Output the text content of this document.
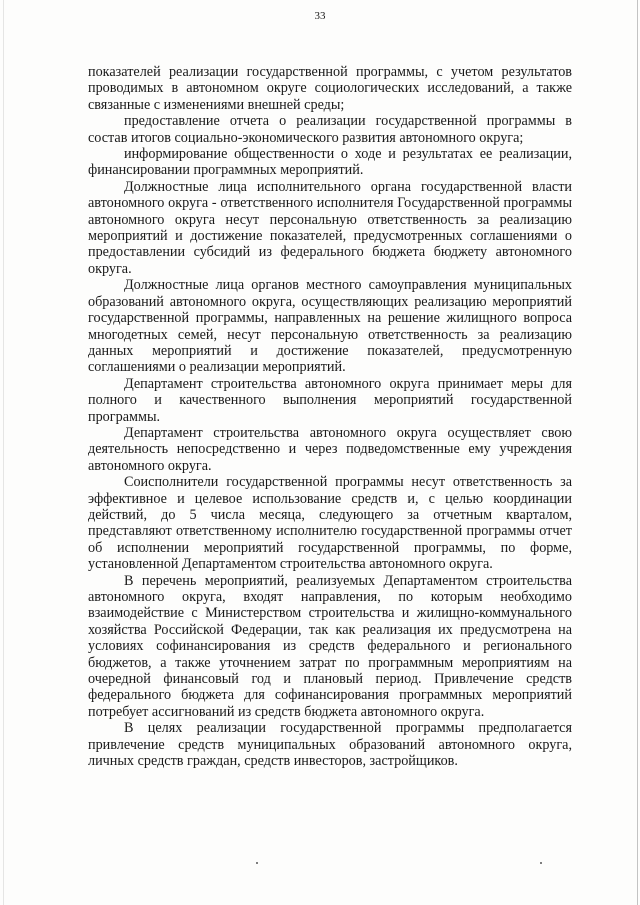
33

показателей реализации государственной программы, с учетом результатов проводимых в автономном округе социологических исследований, а также связанные с изменениями внешней среды;

предоставление отчета о реализации государственной программы в состав итогов социально-экономического развития автономного округа;

информирование общественности о ходе и результатах ее реализации, финансировании программных мероприятий.

Должностные лица исполнительного органа государственной власти автономного округа - ответственного исполнителя Государственной программы автономного округа несут персональную ответственность за реализацию мероприятий и достижение показателей, предусмотренных соглашениями о предоставлении субсидий из федерального бюджета бюджету автономного округа.

Должностные лица органов местного самоуправления муниципальных образований автономного округа, осуществляющих реализацию мероприятий государственной программы, направленных на решение жилищного вопроса многодетных семей, несут персональную ответственность за реализацию данных мероприятий и достижение показателей, предусмотренную соглашениями о реализации мероприятий.

Департамент строительства автономного округа принимает меры для полного и качественного выполнения мероприятий государственной программы.

Департамент строительства автономного округа осуществляет свою деятельность непосредственно и через подведомственные ему учреждения автономного округа.

Соисполнители государственной программы несут ответственность за эффективное и целевое использование средств и, с целью координации действий, до 5 числа месяца, следующего за отчетным кварталом, представляют ответственному исполнителю государственной программы отчет об исполнении мероприятий государственной программы, по форме, установленной Департаментом строительства автономного округа.

В перечень мероприятий, реализуемых Департаментом строительства автономного округа, входят направления, по которым необходимо взаимодействие с Министерством строительства и жилищно-коммунального хозяйства Российской Федерации, так как реализация их предусмотрена на условиях софинансирования из средств федерального и регионального бюджетов, а также уточнением затрат по программным мероприятиям на очередной финансовый год и плановый период. Привлечение средств федерального бюджета для софинансирования программных мероприятий потребует ассигнований из средств бюджета автономного округа.

В целях реализации государственной программы предполагается привлечение средств муниципальных образований автономного округа, личных средств граждан, средств инвесторов, застройщиков.
